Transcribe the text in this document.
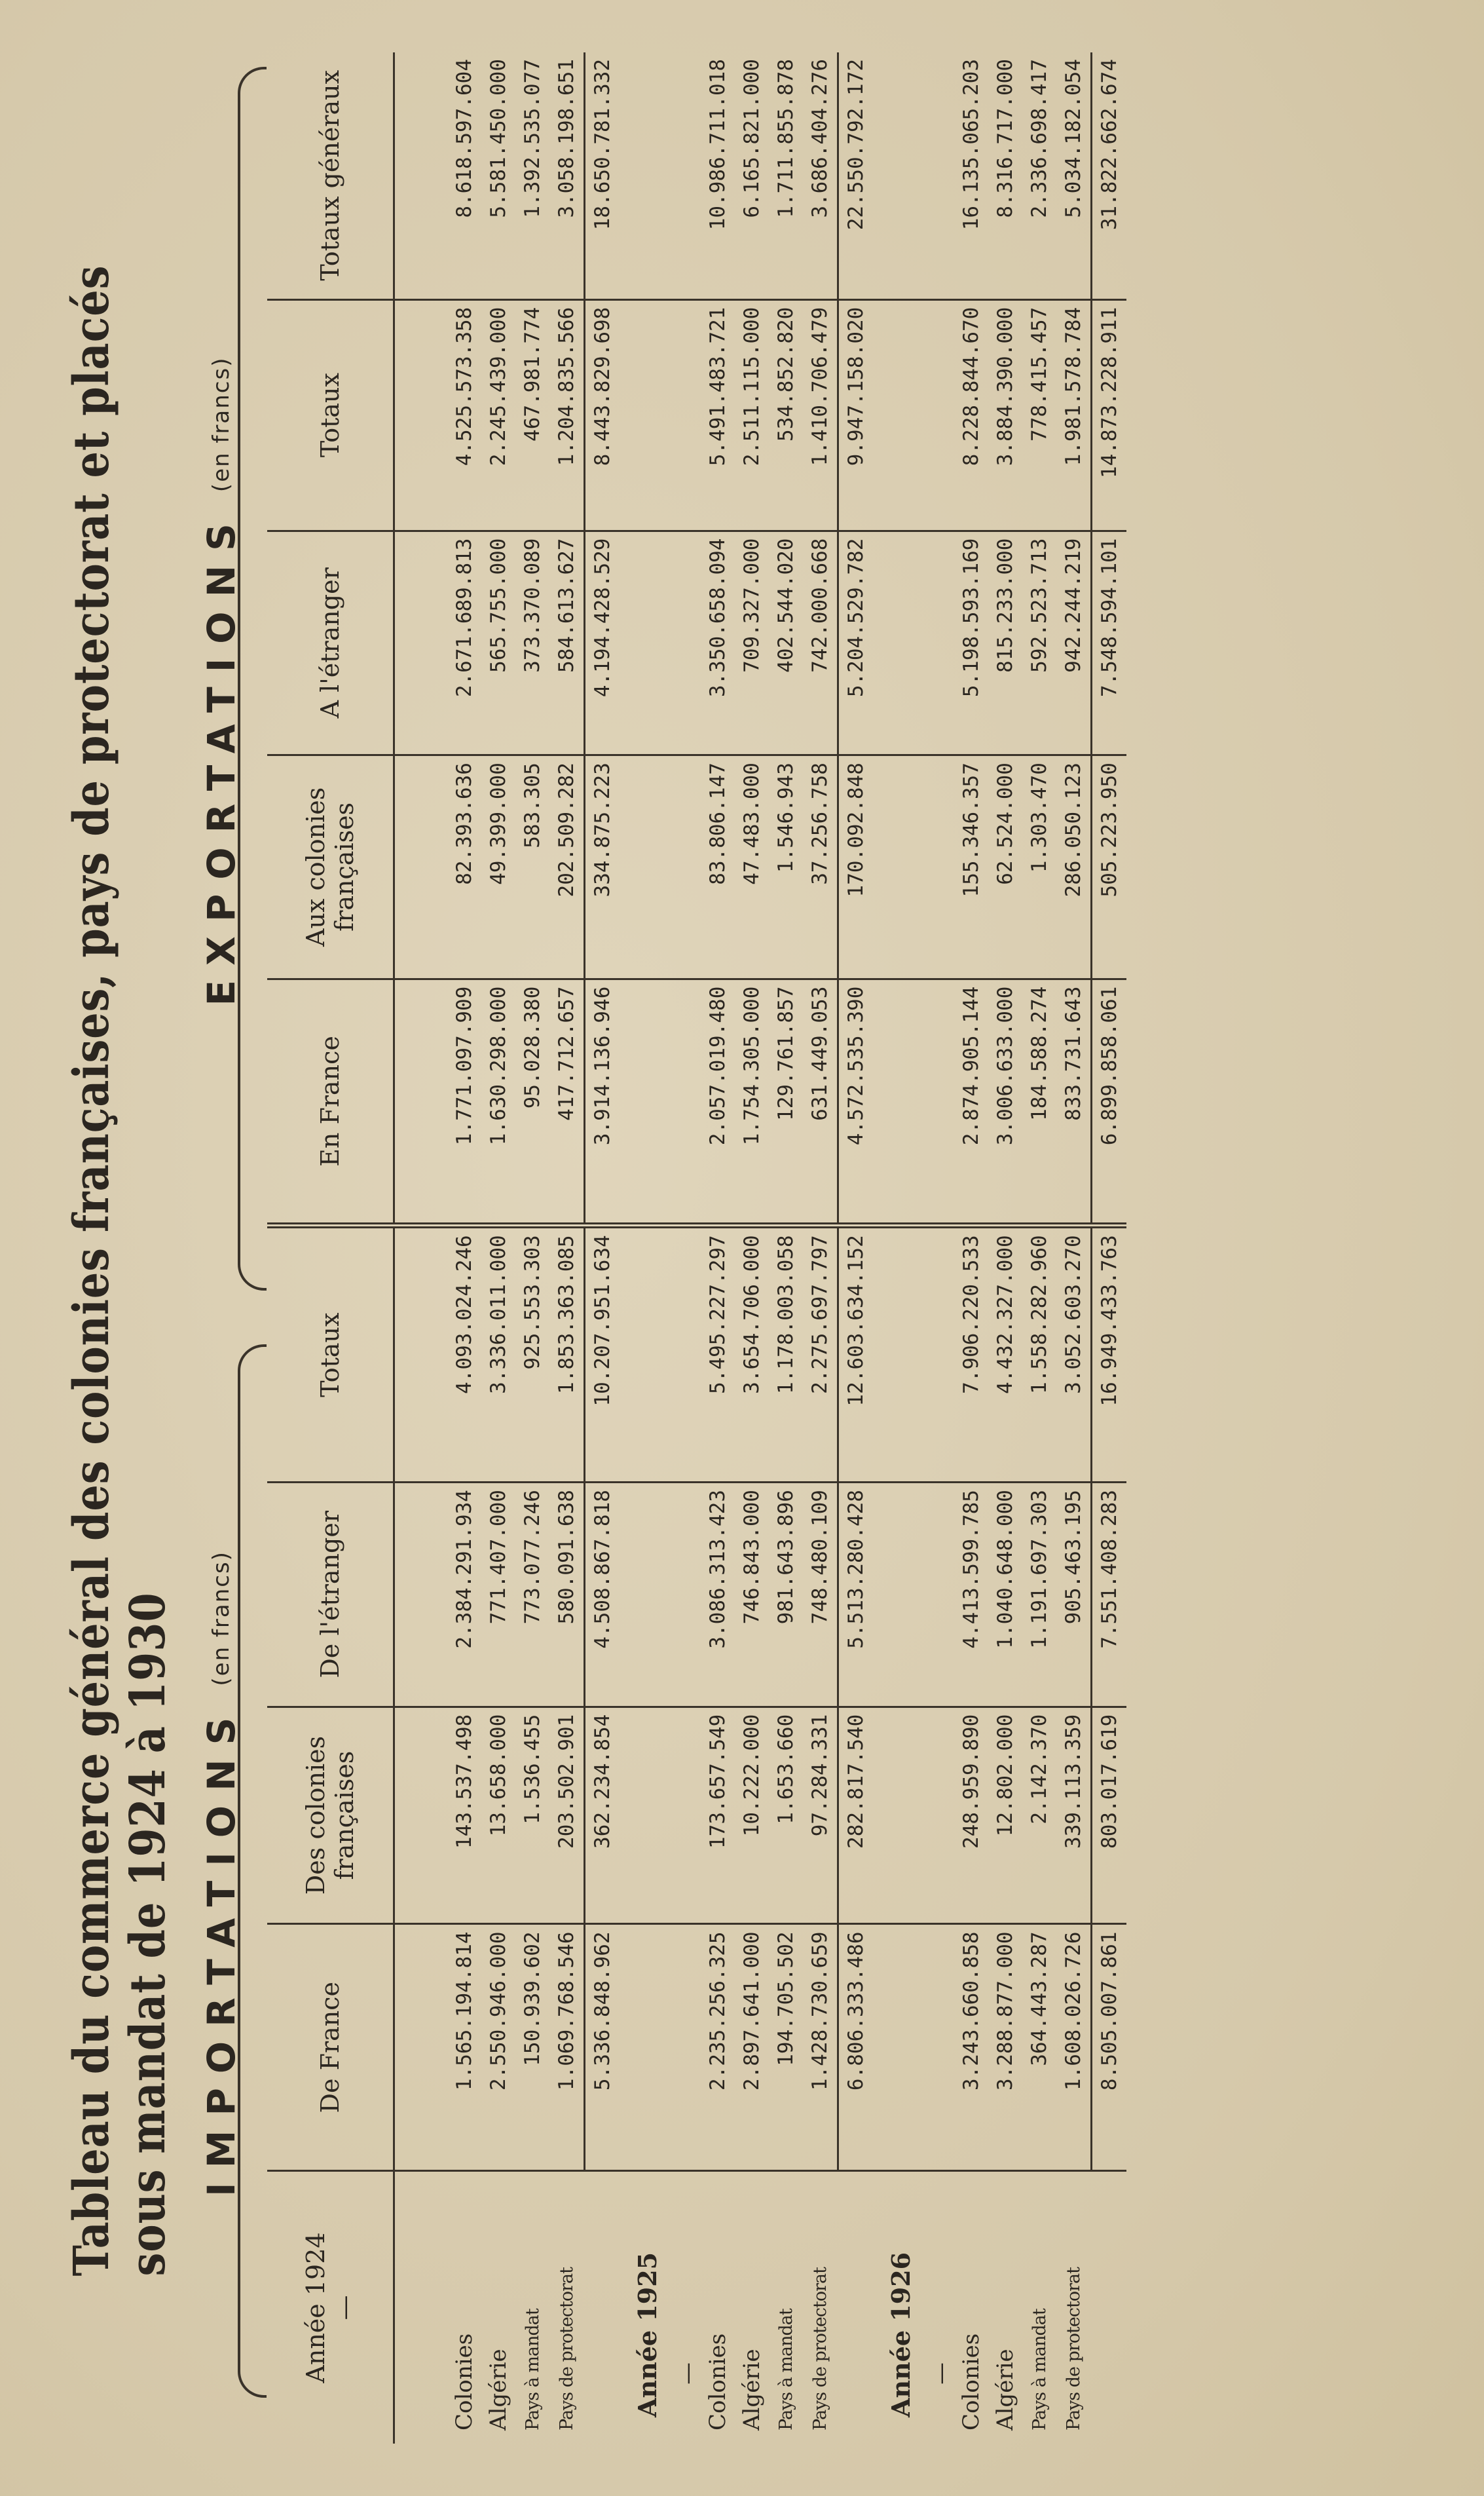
Tableau du commerce général des colonies françaises, pays de protectorat et placés sous mandat de 1924 à 1930 IMPORTATIONS
(en francs)
EXPORTATIONS
(en francs)
Année 1924 —	De France	Des colonies françaises	De l'étranger	Totaux	En France	Aux colonies françaises	A l'étranger	Totaux	Totaux généraux

Colonies	1.565.194.814	143.537.498	2.384.291.934	4.093.024.246	1.771.097.909	82.393.636	2.671.689.813	4.525.573.358	8.618.597.604
Algérie	2.550.946.000	13.658.000	771.407.000	3.336.011.000	1.630.298.000	49.399.000	565.755.000	2.245.439.000	5.581.450.000
Pays à mandat	150.939.602	1.536.455	773.077.246	925.553.303	95.028.380	583.305	373.370.089	467.981.774	1.392.535.077
Pays de protectorat	1.069.768.546	203.502.901	580.091.638	1.853.363.085	417.712.657	202.509.282	584.613.627	1.204.835.566	3.058.198.651
	5.336.848.962	362.234.854	4.508.867.818	10.207.951.634	3.914.136.946	334.875.223	4.194.428.529	8.443.829.698	18.650.781.332
Année 1925									
—									
Colonies	2.235.256.325	173.657.549	3.086.313.423	5.495.227.297	2.057.019.480	83.806.147	3.350.658.094	5.491.483.721	10.986.711.018
Algérie	2.897.641.000	10.222.000	746.843.000	3.654.706.000	1.754.305.000	47.483.000	709.327.000	2.511.115.000	6.165.821.000
Pays à mandat	194.705.502	1.653.660	981.643.896	1.178.003.058	129.761.857	1.546.943	402.544.020	534.852.820	1.711.855.878
Pays de protectorat	1.428.730.659	97.284.331	748.480.109	2.275.697.797	631.449.053	37.256.758	742.000.668	1.410.706.479	3.686.404.276
	6.806.333.486	282.817.540	5.513.280.428	12.603.634.152	4.572.535.390	170.092.848	5.204.529.782	9.947.158.020	22.550.792.172
Année 1926									
—									
Colonies	3.243.660.858	248.959.890	4.413.599.785	7.906.220.533	2.874.905.144	155.346.357	5.198.593.169	8.228.844.670	16.135.065.203
Algérie	3.288.877.000	12.802.000	1.040.648.000	4.432.327.000	3.006.633.000	62.524.000	815.233.000	3.884.390.000	8.316.717.000
Pays à mandat	364.443.287	2.142.370	1.191.697.303	1.558.282.960	184.588.274	1.303.470	592.523.713	778.415.457	2.336.698.417
Pays de protectorat	1.608.026.726	339.113.359	905.463.195	3.052.603.270	833.731.643	286.050.123	942.244.219	1.981.578.784	5.034.182.054
	8.505.007.861	803.017.619	7.551.408.283	16.949.433.763	6.899.858.061	505.223.950	7.548.594.101	14.873.228.911	31.822.662.674
